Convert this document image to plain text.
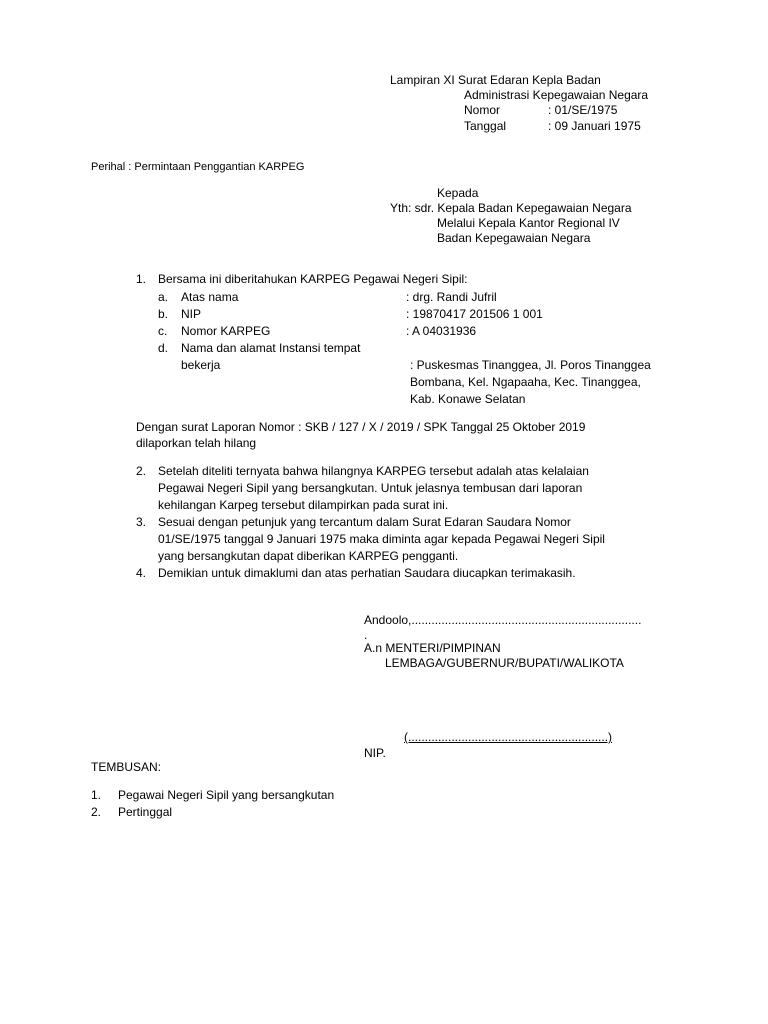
Lampiran XI Surat Edaran Kepla Badan
Administrasi Kepegawaian Negara
Nomor	: 01/SE/1975
Tanggal	: 09 Januari 1975
Perihal : Permintaan Penggantian KARPEG
Kepada
Yth: sdr. Kepala Badan Kepegawaian Negara
Melalui Kepala Kantor Regional IV
Badan Kepegawaian Negara
1. Bersama ini diberitahukan KARPEG Pegawai Negeri Sipil:
a. Atas nama	: drg. Randi Jufril
b. NIP	: 19870417 201506 1 001
c. Nomor KARPEG	: A 04031936
d. Nama dan alamat Instansi tempat
bekerja	: Puskesmas Tinanggea, Jl. Poros Tinanggea
Bombana, Kel. Ngapaaha, Kec. Tinanggea,
Kab. Konawe Selatan
Dengan surat Laporan Nomor : SKB / 127 / X / 2019 / SPK Tanggal 25 Oktober 2019
dilaporkan telah hilang
2. Setelah diteliti ternyata bahwa hilangnya KARPEG tersebut adalah atas kelalaian
Pegawai Negeri Sipil yang bersangkutan. Untuk jelasnya tembusan dari laporan
kehilangan Karpeg tersebut dilampirkan pada surat ini.
3. Sesuai dengan petunjuk yang tercantum dalam Surat Edaran Saudara Nomor
01/SE/1975 tanggal 9 Januari 1975 maka diminta agar kepada Pegawai Negeri Sipil
yang bersangkutan dapat diberikan KARPEG pengganti.
4. Demikian untuk dimaklumi dan atas perhatian Saudara diucapkan terimakasih.
Andoolo,.....................................................................
.
A.n MENTERI/PIMPINAN
LEMBAGA/GUBERNUR/BUPATI/WALIKOTA
(............................................................)
NIP.
TEMBUSAN:
1. Pegawai Negeri Sipil yang bersangkutan
2. Pertinggal
